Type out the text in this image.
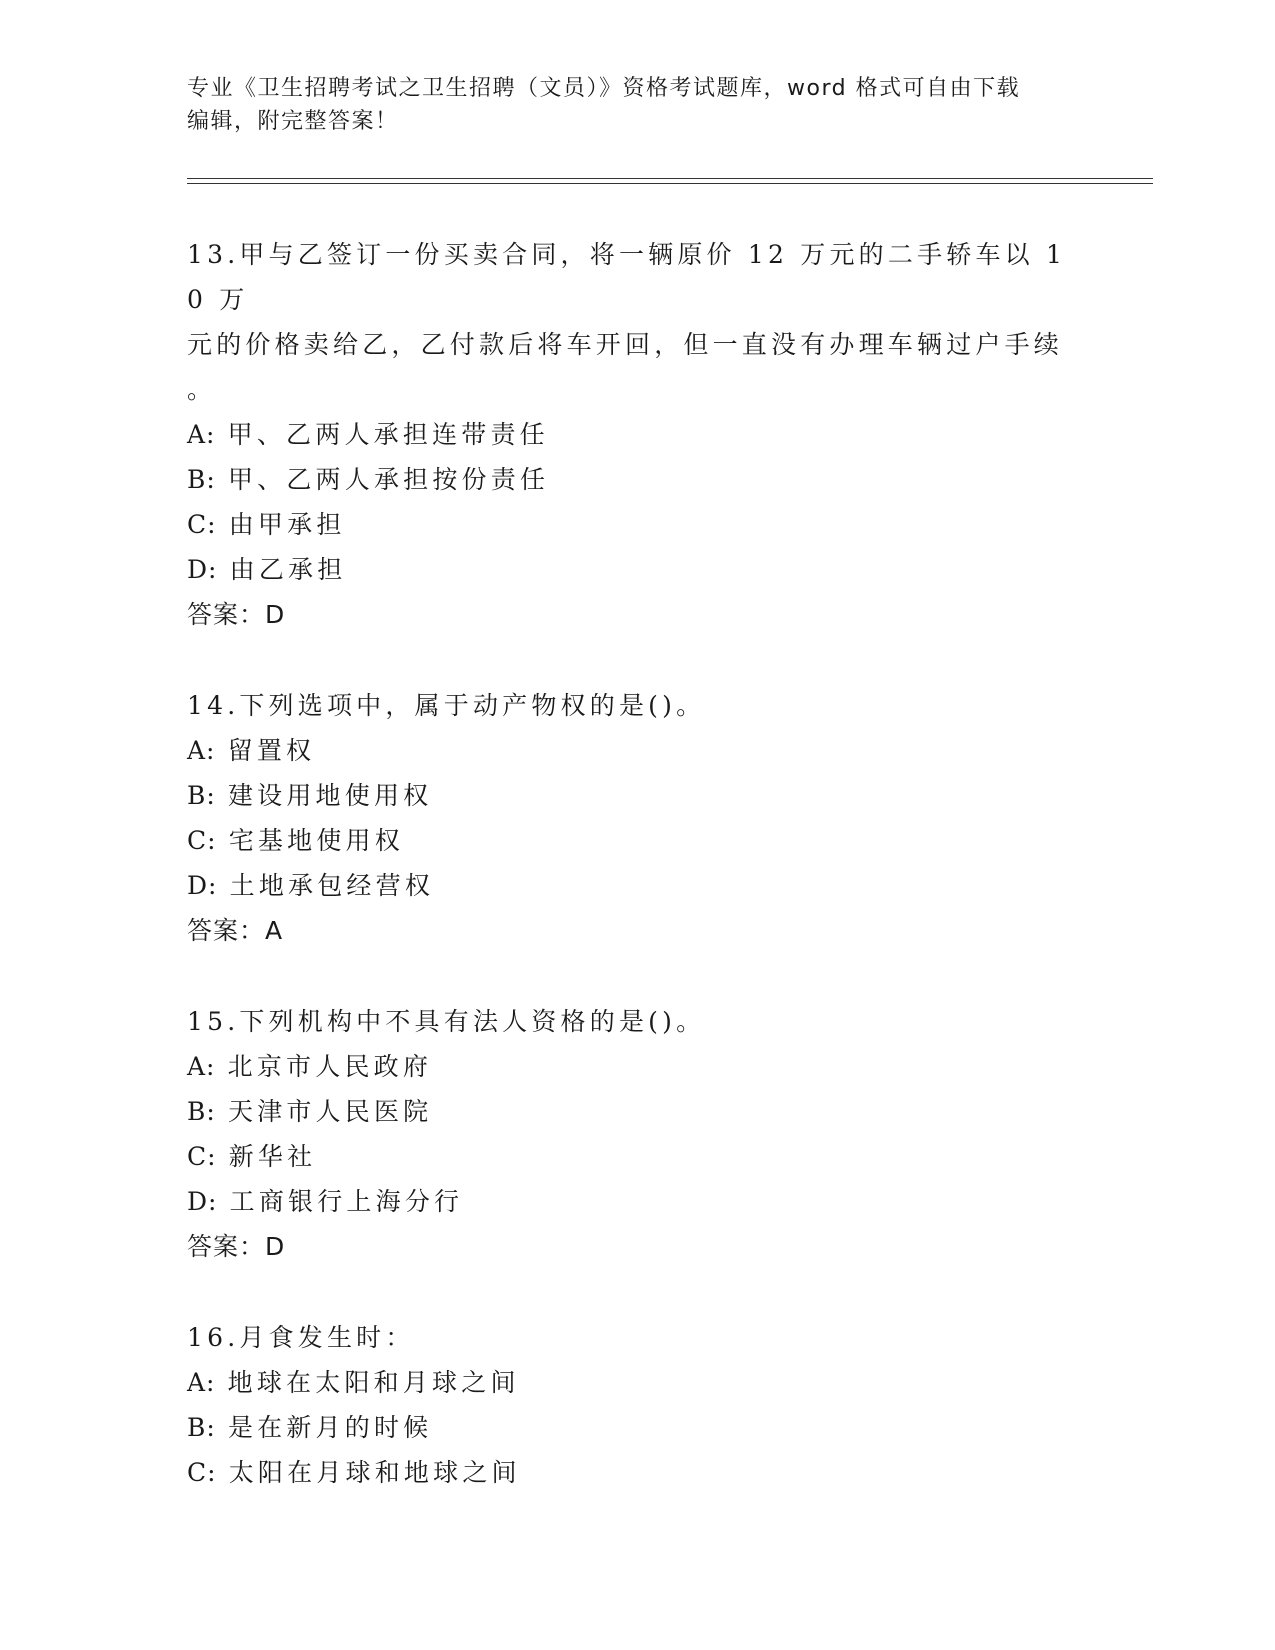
专业《卫生招聘考试之卫生招聘（文员）》资格考试题库，word 格式可自由下载
编辑，附完整答案！
13.甲与乙签订一份买卖合同，将一辆原价 12 万元的二手轿车以 10 万
元的价格卖给乙，乙付款后将车开回，但一直没有办理车辆过户手续
。
A: 甲、乙两人承担连带责任
B: 甲、乙两人承担按份责任
C: 由甲承担
D: 由乙承担
答案：D
14.下列选项中，属于动产物权的是()。
A: 留置权
B: 建设用地使用权
C: 宅基地使用权
D: 土地承包经营权
答案：A
15.下列机构中不具有法人资格的是()。
A: 北京市人民政府
B: 天津市人民医院
C: 新华社
D: 工商银行上海分行
答案：D
16.月食发生时：
A: 地球在太阳和月球之间
B: 是在新月的时候
C: 太阳在月球和地球之间
